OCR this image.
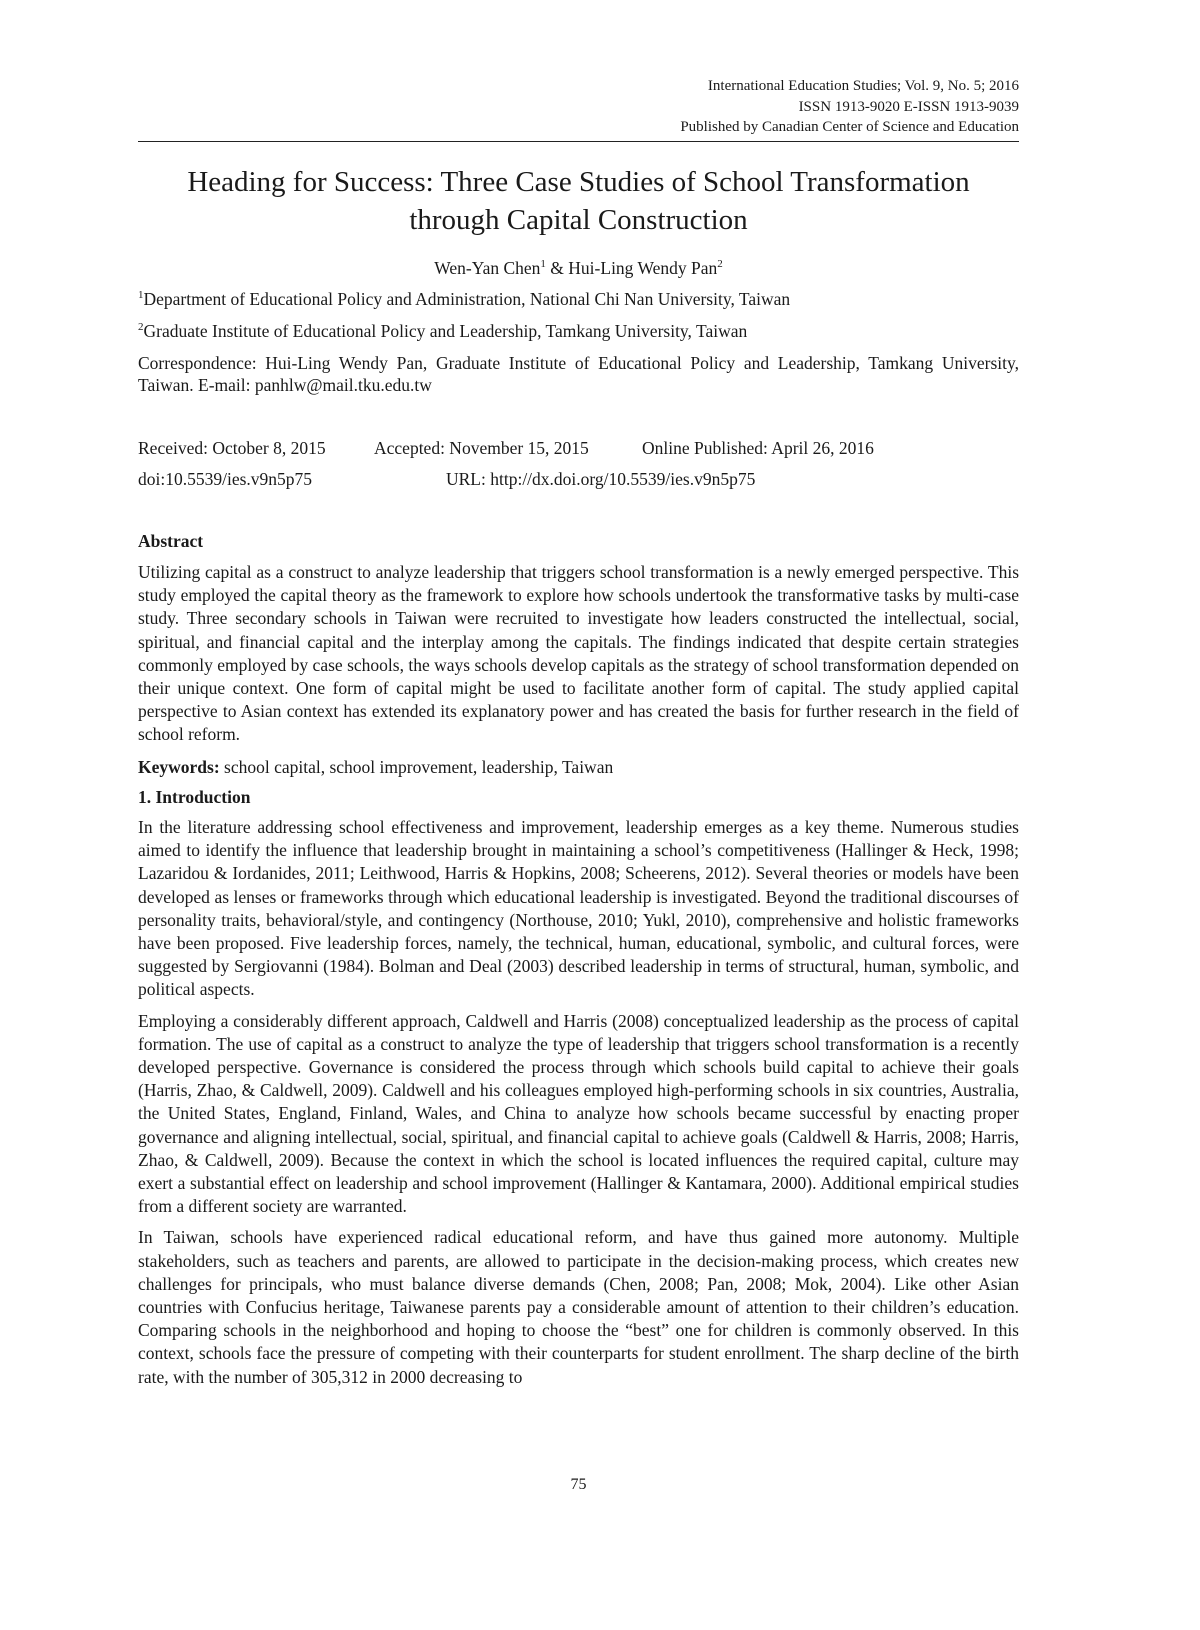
International Education Studies; Vol. 9, No. 5; 2016
ISSN 1913-9020 E-ISSN 1913-9039
Published by Canadian Center of Science and Education
Heading for Success: Three Case Studies of School Transformation
through Capital Construction
Wen-Yan Chen$^1$ & Hui-Ling Wendy Pan$^2$
$^1$Department of Educational Policy and Administration, National Chi Nan University, Taiwan
$^2$Graduate Institute of Educational Policy and Leadership, Tamkang University, Taiwan
Correspondence: Hui-Ling Wendy Pan, Graduate Institute of Educational Policy and Leadership, Tamkang University, Taiwan. E-mail: panhlw@mail.tku.edu.tw
Received: October 8, 2015	Accepted: November 15, 2015	Online Published: April 26, 2016
doi:10.5539/ies.v9n5p75	URL: http://dx.doi.org/10.5539/ies.v9n5p75
Abstract

Utilizing capital as a construct to analyze leadership that triggers school transformation is a newly emerged perspective. This study employed the capital theory as the framework to explore how schools undertook the transformative tasks by multi-case study. Three secondary schools in Taiwan were recruited to investigate how leaders constructed the intellectual, social, spiritual, and financial capital and the interplay among the capitals. The findings indicated that despite certain strategies commonly employed by case schools, the ways schools develop capitals as the strategy of school transformation depended on their unique context. One form of capital might be used to facilitate another form of capital. The study applied capital perspective to Asian context has extended its explanatory power and has created the basis for further research in the field of school reform.

Keywords: school capital, school improvement, leadership, Taiwan
1. Introduction

In the literature addressing school effectiveness and improvement, leadership emerges as a key theme. Numerous studies aimed to identify the influence that leadership brought in maintaining a school’s competitiveness (Hallinger & Heck, 1998; Lazaridou & Iordanides, 2011; Leithwood, Harris & Hopkins, 2008; Scheerens, 2012). Several theories or models have been developed as lenses or frameworks through which educational leadership is investigated. Beyond the traditional discourses of personality traits, behavioral/style, and contingency (Northouse, 2010; Yukl, 2010), comprehensive and holistic frameworks have been proposed. Five leadership forces, namely, the technical, human, educational, symbolic, and cultural forces, were suggested by Sergiovanni (1984). Bolman and Deal (2003) described leadership in terms of structural, human, symbolic, and political aspects.

Employing a considerably different approach, Caldwell and Harris (2008) conceptualized leadership as the process of capital formation. The use of capital as a construct to analyze the type of leadership that triggers school transformation is a recently developed perspective. Governance is considered the process through which schools build capital to achieve their goals (Harris, Zhao, & Caldwell, 2009). Caldwell and his colleagues employed high-performing schools in six countries, Australia, the United States, England, Finland, Wales, and China to analyze how schools became successful by enacting proper governance and aligning intellectual, social, spiritual, and financial capital to achieve goals (Caldwell & Harris, 2008; Harris, Zhao, & Caldwell, 2009). Because the context in which the school is located influences the required capital, culture may exert a substantial effect on leadership and school improvement (Hallinger & Kantamara, 2000). Additional empirical studies from a different society are warranted.

In Taiwan, schools have experienced radical educational reform, and have thus gained more autonomy. Multiple stakeholders, such as teachers and parents, are allowed to participate in the decision-making process, which creates new challenges for principals, who must balance diverse demands (Chen, 2008; Pan, 2008; Mok, 2004). Like other Asian countries with Confucius heritage, Taiwanese parents pay a considerable amount of attention to their children’s education. Comparing schools in the neighborhood and hoping to choose the “best” one for children is commonly observed. In this context, schools face the pressure of competing with their counterparts for student enrollment. The sharp decline of the birth rate, with the number of 305,312 in 2000 decreasing to

75
